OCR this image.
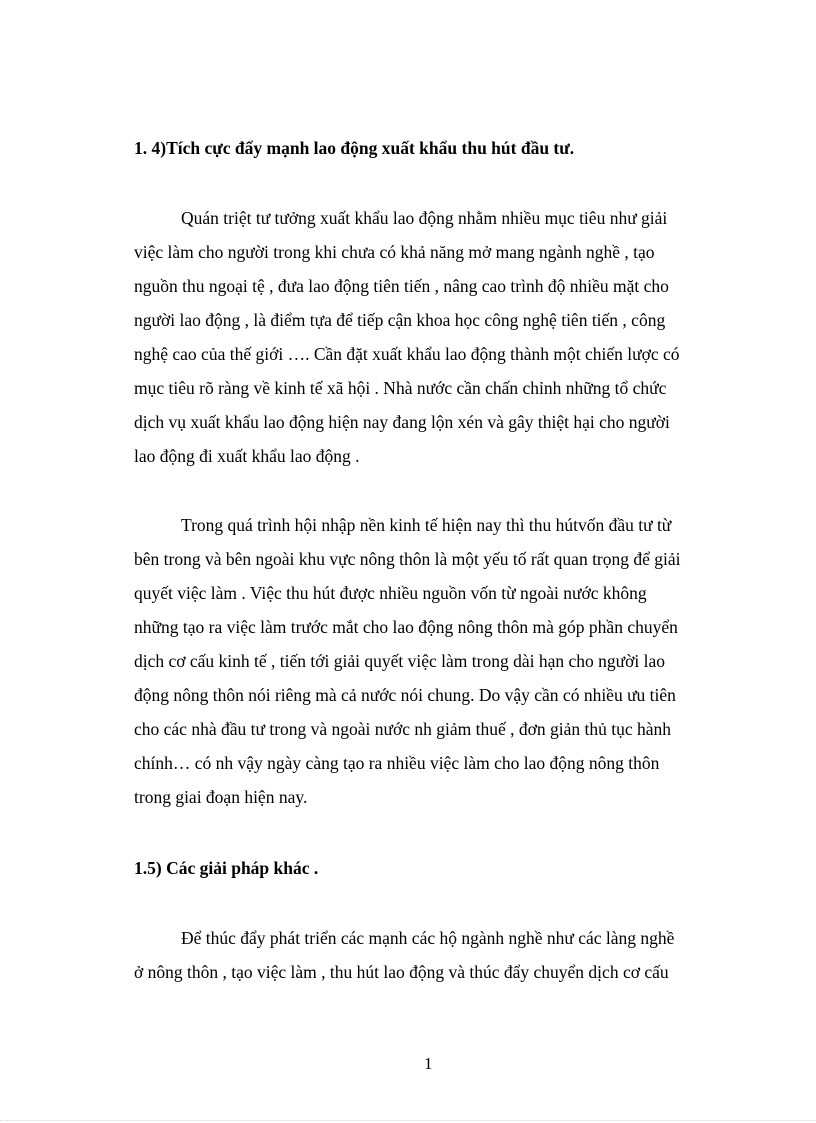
1. 4)Tích cực đẩy mạnh lao động xuất khẩu thu hút đầu tư.
Quán triệt tư tưởng xuất khẩu lao động nhằm nhiều mục tiêu như giải
việc làm cho người trong khi chưa có khả năng mở mang ngành nghề , tạo
nguồn thu ngoại tệ , đưa lao động tiên tiến , nâng cao trình độ nhiều mặt cho
người lao động , là điểm tựa để tiếp cận khoa học công nghệ tiên tiến , công
nghệ cao của thế giới …. Cần đặt xuất khẩu lao động thành một chiến lược có
mục tiêu rõ ràng về kinh tế xã hội . Nhà nước cần chấn chỉnh những tổ chức
dịch vụ xuất khẩu lao động hiện nay đang lộn xén và gây thiệt hại cho người
lao động đi xuất khẩu lao động .
Trong quá trình hội nhập nền kinh tế hiện nay thì thu hútvốn đầu tư từ
bên trong và bên ngoài khu vực nông thôn là một yếu tố rất quan trọng để giải
quyết việc làm . Việc thu hút được nhiều nguồn vốn từ ngoài nước không
những tạo ra việc làm trước mắt cho lao động nông thôn mà góp phần chuyển
dịch cơ cấu kinh tế , tiến tới giải quyết việc làm trong dài hạn cho người lao
động nông thôn nói riêng mà cả nước nói chung. Do vậy cần có nhiều ưu tiên
cho các nhà đầu tư trong và ngoài nước nh giảm thuế , đơn giản thủ tục hành
chính… có nh vậy ngày càng tạo ra nhiều việc làm cho lao động nông thôn
trong giai đoạn hiện nay.
1.5) Các giải pháp khác .
Để thúc đẩy phát triển các mạnh các hộ ngành nghề như các làng nghề
ở nông thôn , tạo việc làm , thu hút lao động và thúc đẩy chuyển dịch cơ cấu
1
